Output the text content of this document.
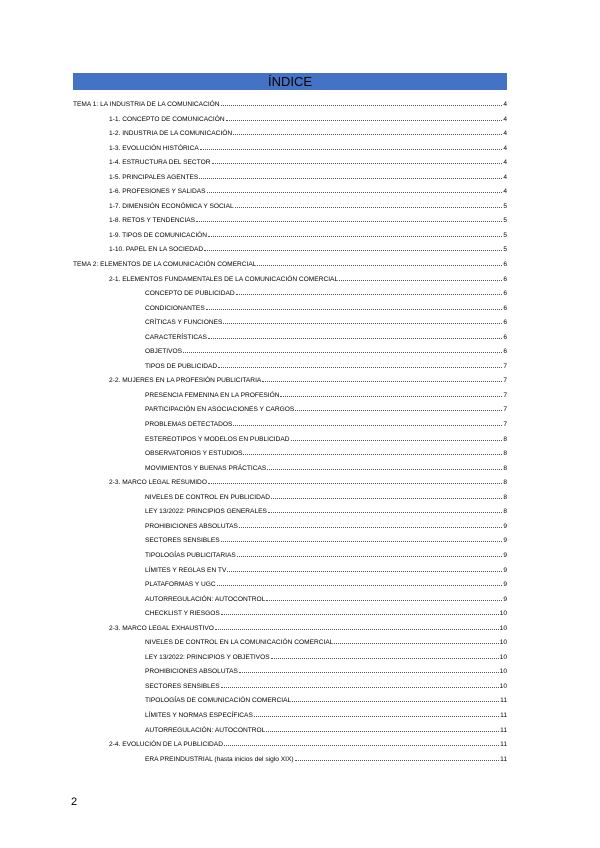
ÍNDICE
TEMA 1: LA INDUSTRIA DE LA COMUNICACIÓN	4
1-1. CONCEPTO DE COMUNICACIÓN	4
1-2. INDUSTRIA DE LA COMUNICACIÓN	4
1-3. EVOLUCIÓN HISTÓRICA	4
1-4. ESTRUCTURA DEL SECTOR	4
1-5. PRINCIPALES AGENTES	4
1-6. PROFESIONES Y SALIDAS	4
1-7. DIMENSIÓN ECONÓMICA Y SOCIAL	5
1-8. RETOS Y TENDENCIAS	5
1-9. TIPOS DE COMUNICACIÓN	5
1-10. PAPEL EN LA SOCIEDAD	5
TEMA 2: ELEMENTOS DE LA COMUNICACIÓN COMERCIAL	6
2-1. ELEMENTOS FUNDAMENTALES DE LA COMUNICACIÓN COMERCIAL	6
CONCEPTO DE PUBLICIDAD	6
CONDICIONANTES	6
CRÍTICAS Y FUNCIONES	6
CARACTERÍSTICAS	6
OBJETIVOS	6
TIPOS DE PUBLICIDAD	7
2-2. MUJERES EN LA PROFESIÓN PUBLICITARIA	7
PRESENCIA FEMENINA EN LA PROFESIÓN	7
PARTICIPACIÓN EN ASOCIACIONES Y CARGOS	7
PROBLEMAS DETECTADOS	7
ESTEREOTIPOS Y MODELOS EN PUBLICIDAD	8
OBSERVATORIOS Y ESTUDIOS	8
MOVIMIENTOS Y BUENAS PRÁCTICAS	8
2-3. MARCO LEGAL RESUMIDO	8
NIVELES DE CONTROL EN PUBLICIDAD	8
LEY 13/2022: PRINCIPIOS GENERALES	8
PROHIBICIONES ABSOLUTAS	9
SECTORES SENSIBLES	9
TIPOLOGÍAS PUBLICITARIAS	9
LÍMITES Y REGLAS EN TV	9
PLATAFORMAS Y UGC	9
AUTORREGULACIÓN: AUTOCONTROL	9
CHECKLIST Y RIESGOS	10
2-3. MARCO LEGAL EXHAUSTIVO	10
NIVELES DE CONTROL EN LA COMUNICACIÓN COMERCIAL	10
LEY 13/2022: PRINCIPIOS Y OBJETIVOS	10
PROHIBICIONES ABSOLUTAS	10
SECTORES SENSIBLES	10
TIPOLOGÍAS DE COMUNICACIÓN COMERCIAL	11
LÍMITES Y NORMAS ESPECÍFICAS	11
AUTORREGULACIÓN: AUTOCONTROL	11
2-4. EVOLUCIÓN DE LA PUBLICIDAD	11
ERA PREINDUSTRIAL (hasta inicios del siglo XIX)	11
2
